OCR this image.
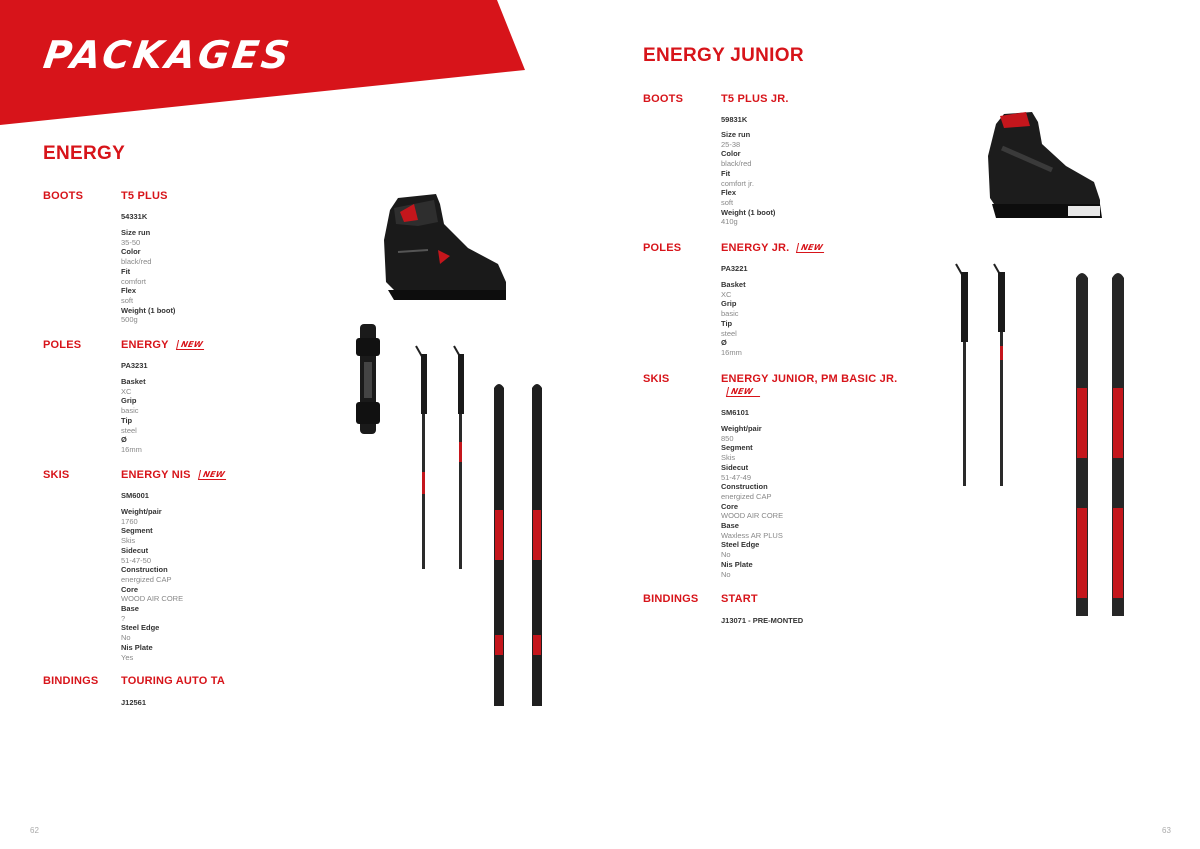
PACKAGES
ENERGY
BOOTS	T5 PLUS
54331K
Size run
35-50
Color
black/red
Fit
comfort
Flex
soft
Weight (1 boot)
500g
POLES	ENERGY NEW
PA3231
Basket
XC
Grip
basic
Tip
steel
Ø
16mm
SKIS	ENERGY NIS NEW
SM6001
Weight/pair
1760
Segment
Skis
Sidecut
51-47-50
Construction
energized CAP
Core
WOOD AIR CORE
Base
?
Steel Edge
No
Nis Plate
Yes
BINDINGS TOURING AUTO TA
J12561
62
ENERGY JUNIOR
BOOTS	T5 PLUS JR.
59831K
Size run
25-38
Color
black/red
Fit
comfort jr.
Flex
soft
Weight (1 boot)
410g
POLES	ENERGY JR. NEW
PA3221
Basket
XC
Grip
basic
Tip
steel
Ø
16mm
SKIS	ENERGY JUNIOR, PM BASIC JR.
NEW
SM6101
Weight/pair
850
Segment
Skis
Sidecut
51-47-49
Construction
energized CAP
Core
WOOD AIR CORE
Base
Waxless AR PLUS
Steel Edge
No
Nis Plate
No
BINDINGS START
J13071 - PRE-MONTED
63
